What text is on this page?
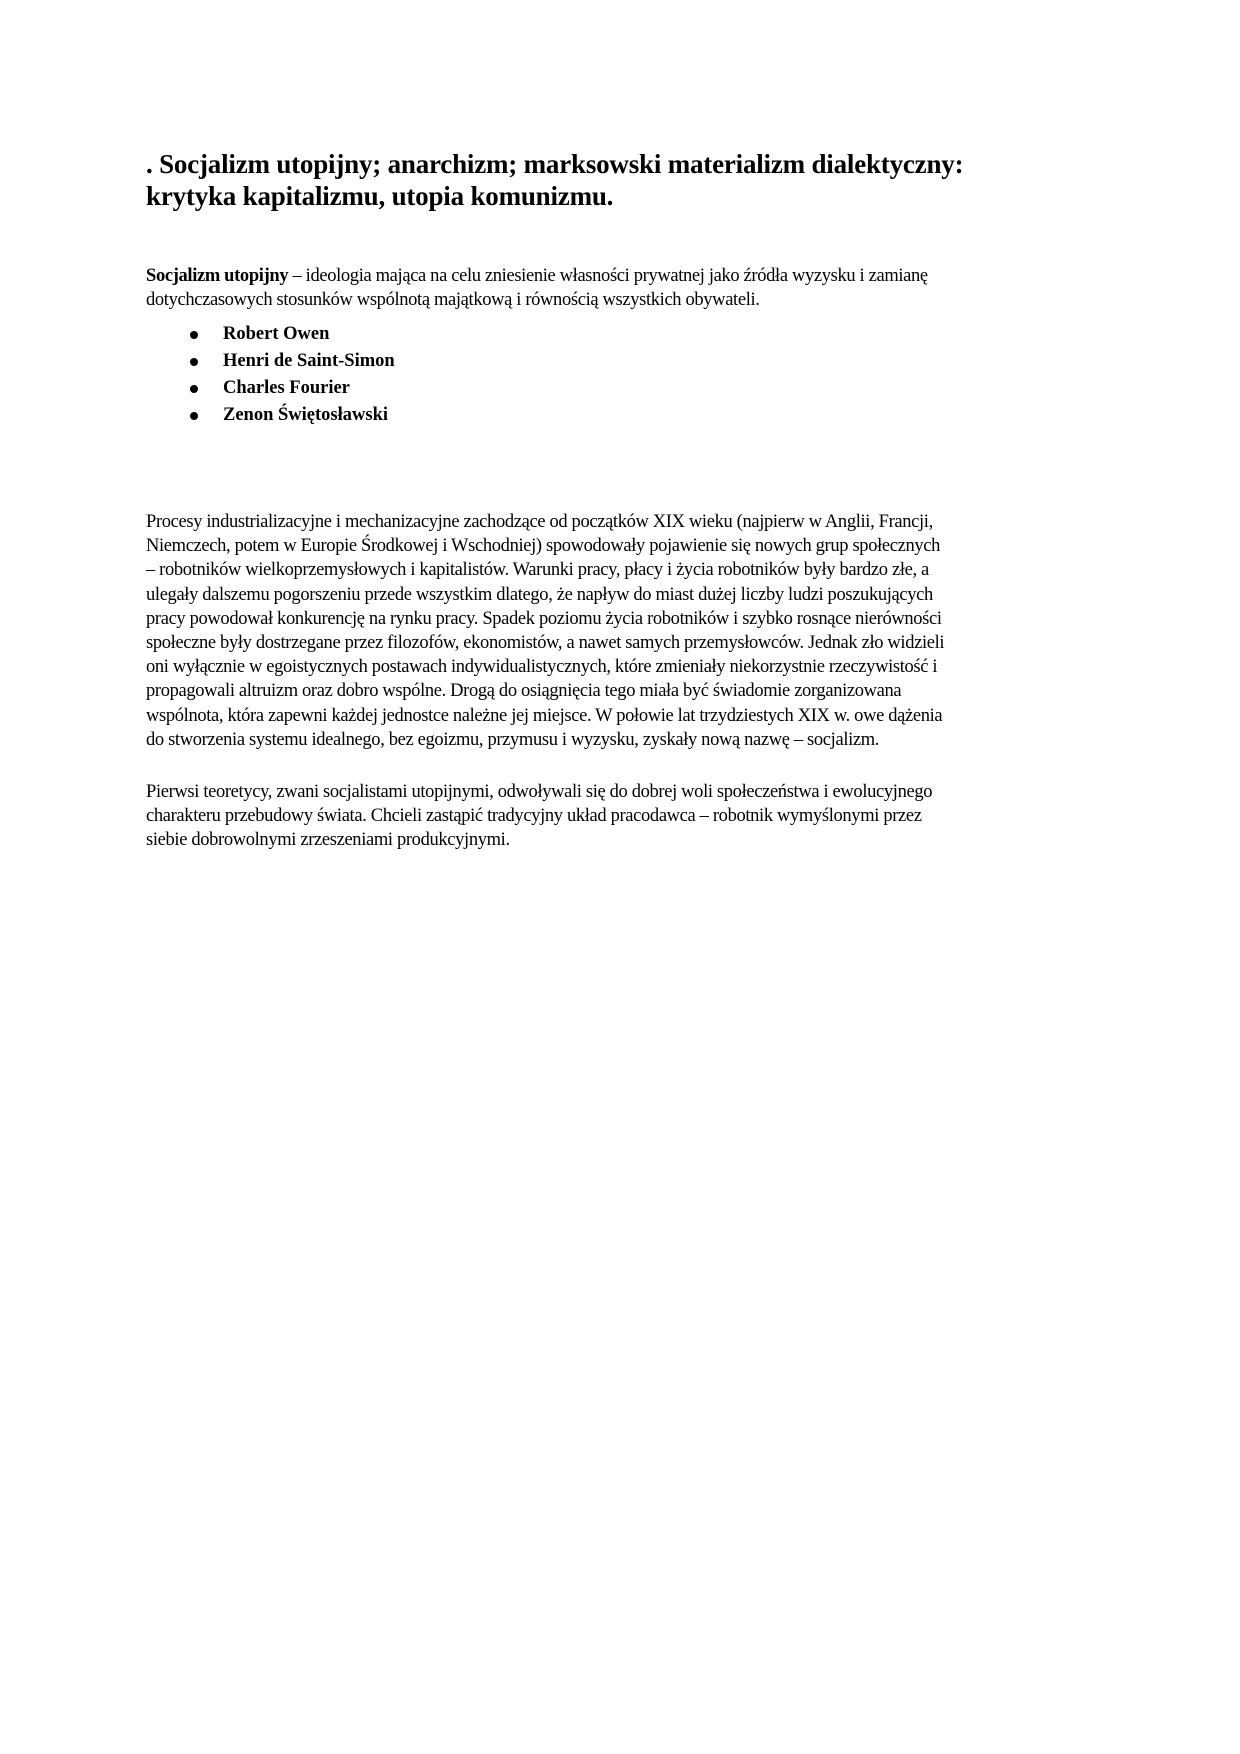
. Socjalizm utopijny; anarchizm; marksowski materializm dialektyczny:
krytyka kapitalizmu, utopia komunizmu.

Socjalizm utopijny – ideologia mająca na celu zniesienie własności prywatnej jako źródła wyzysku i zamianę
dotychczasowych stosunków wspólnotą majątkową i równością wszystkich obywateli.

Robert Owen
Henri de Saint-Simon
Charles Fourier
Zenon Świętosławski

Procesy industrializacyjne i mechanizacyjne zachodzące od początków XIX wieku (najpierw w Anglii, Francji,
Niemczech, potem w Europie Środkowej i Wschodniej) spowodowały pojawienie się nowych grup społecznych
– robotników wielkoprzemysłowych i kapitalistów. Warunki pracy, płacy i życia robotników były bardzo złe, a
ulegały dalszemu pogorszeniu przede wszystkim dlatego, że napływ do miast dużej liczby ludzi poszukujących
pracy powodował konkurencję na rynku pracy. Spadek poziomu życia robotników i szybko rosnące nierówności
społeczne były dostrzegane przez filozofów, ekonomistów, a nawet samych przemysłowców. Jednak zło widzieli
oni wyłącznie w egoistycznych postawach indywidualistycznych, które zmieniały niekorzystnie rzeczywistość i
propagowali altruizm oraz dobro wspólne. Drogą do osiągnięcia tego miała być świadomie zorganizowana
wspólnota, która zapewni każdej jednostce należne jej miejsce. W połowie lat trzydziestych XIX w. owe dążenia
do stworzenia systemu idealnego, bez egoizmu, przymusu i wyzysku, zyskały nową nazwę – socjalizm.

Pierwsi teoretycy, zwani socjalistami utopijnymi, odwoływali się do dobrej woli społeczeństwa i ewolucyjnego
charakteru przebudowy świata. Chcieli zastąpić tradycyjny układ pracodawca – robotnik wymyślonymi przez
siebie dobrowolnymi zrzeszeniami produkcyjnymi.
